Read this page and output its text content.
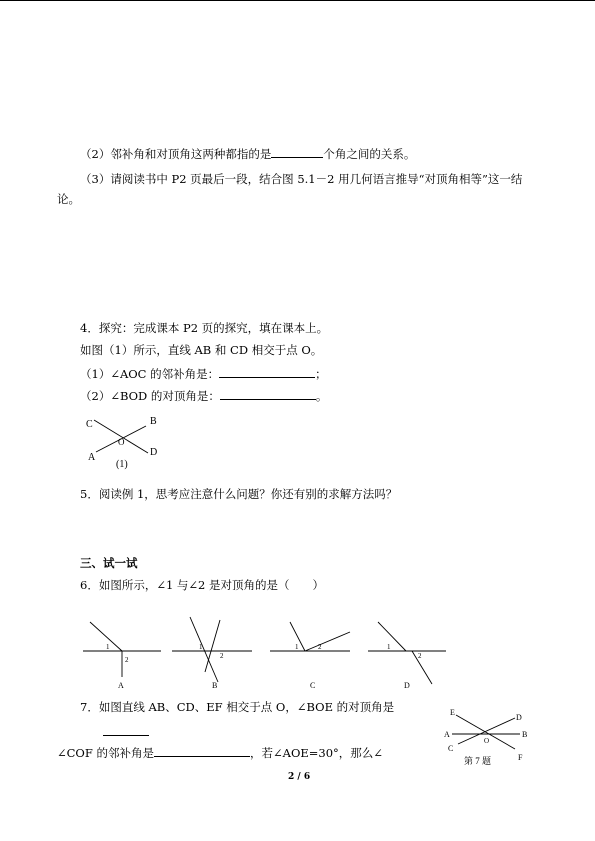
（2）邻补角和对顶角这两种都指的是	个角之间的关系。
（3）请阅读书中 P2 页最后一段，结合图 5.1－2 用几何语言推导“对顶角相等”这一结
论。
4．探究：完成课本 P2 页的探究，填在课本上。
如图（1）所示，直线 AB 和 CD 相交于点 O。
（1）∠AOC 的邻补角是：	；
（2）∠BOD 的对顶角是：	。
C	B
O
A	D
(1)
5．阅读例 1，思考应注意什么问题？你还有别的求解方法吗？
三、试一试
6．如图所示，∠1 与∠2 是对顶角的是（　　）
1
2
A
1
2
B
1	2
C
1
2
D
7．如图直线 AB、CD、EF 相交于点 O，∠BOE 的对顶角是
∠COF 的邻补角是	，若∠AOE=30°，那么∠
E
D
A	B
O
C
F
第 7 题
2 / 6
